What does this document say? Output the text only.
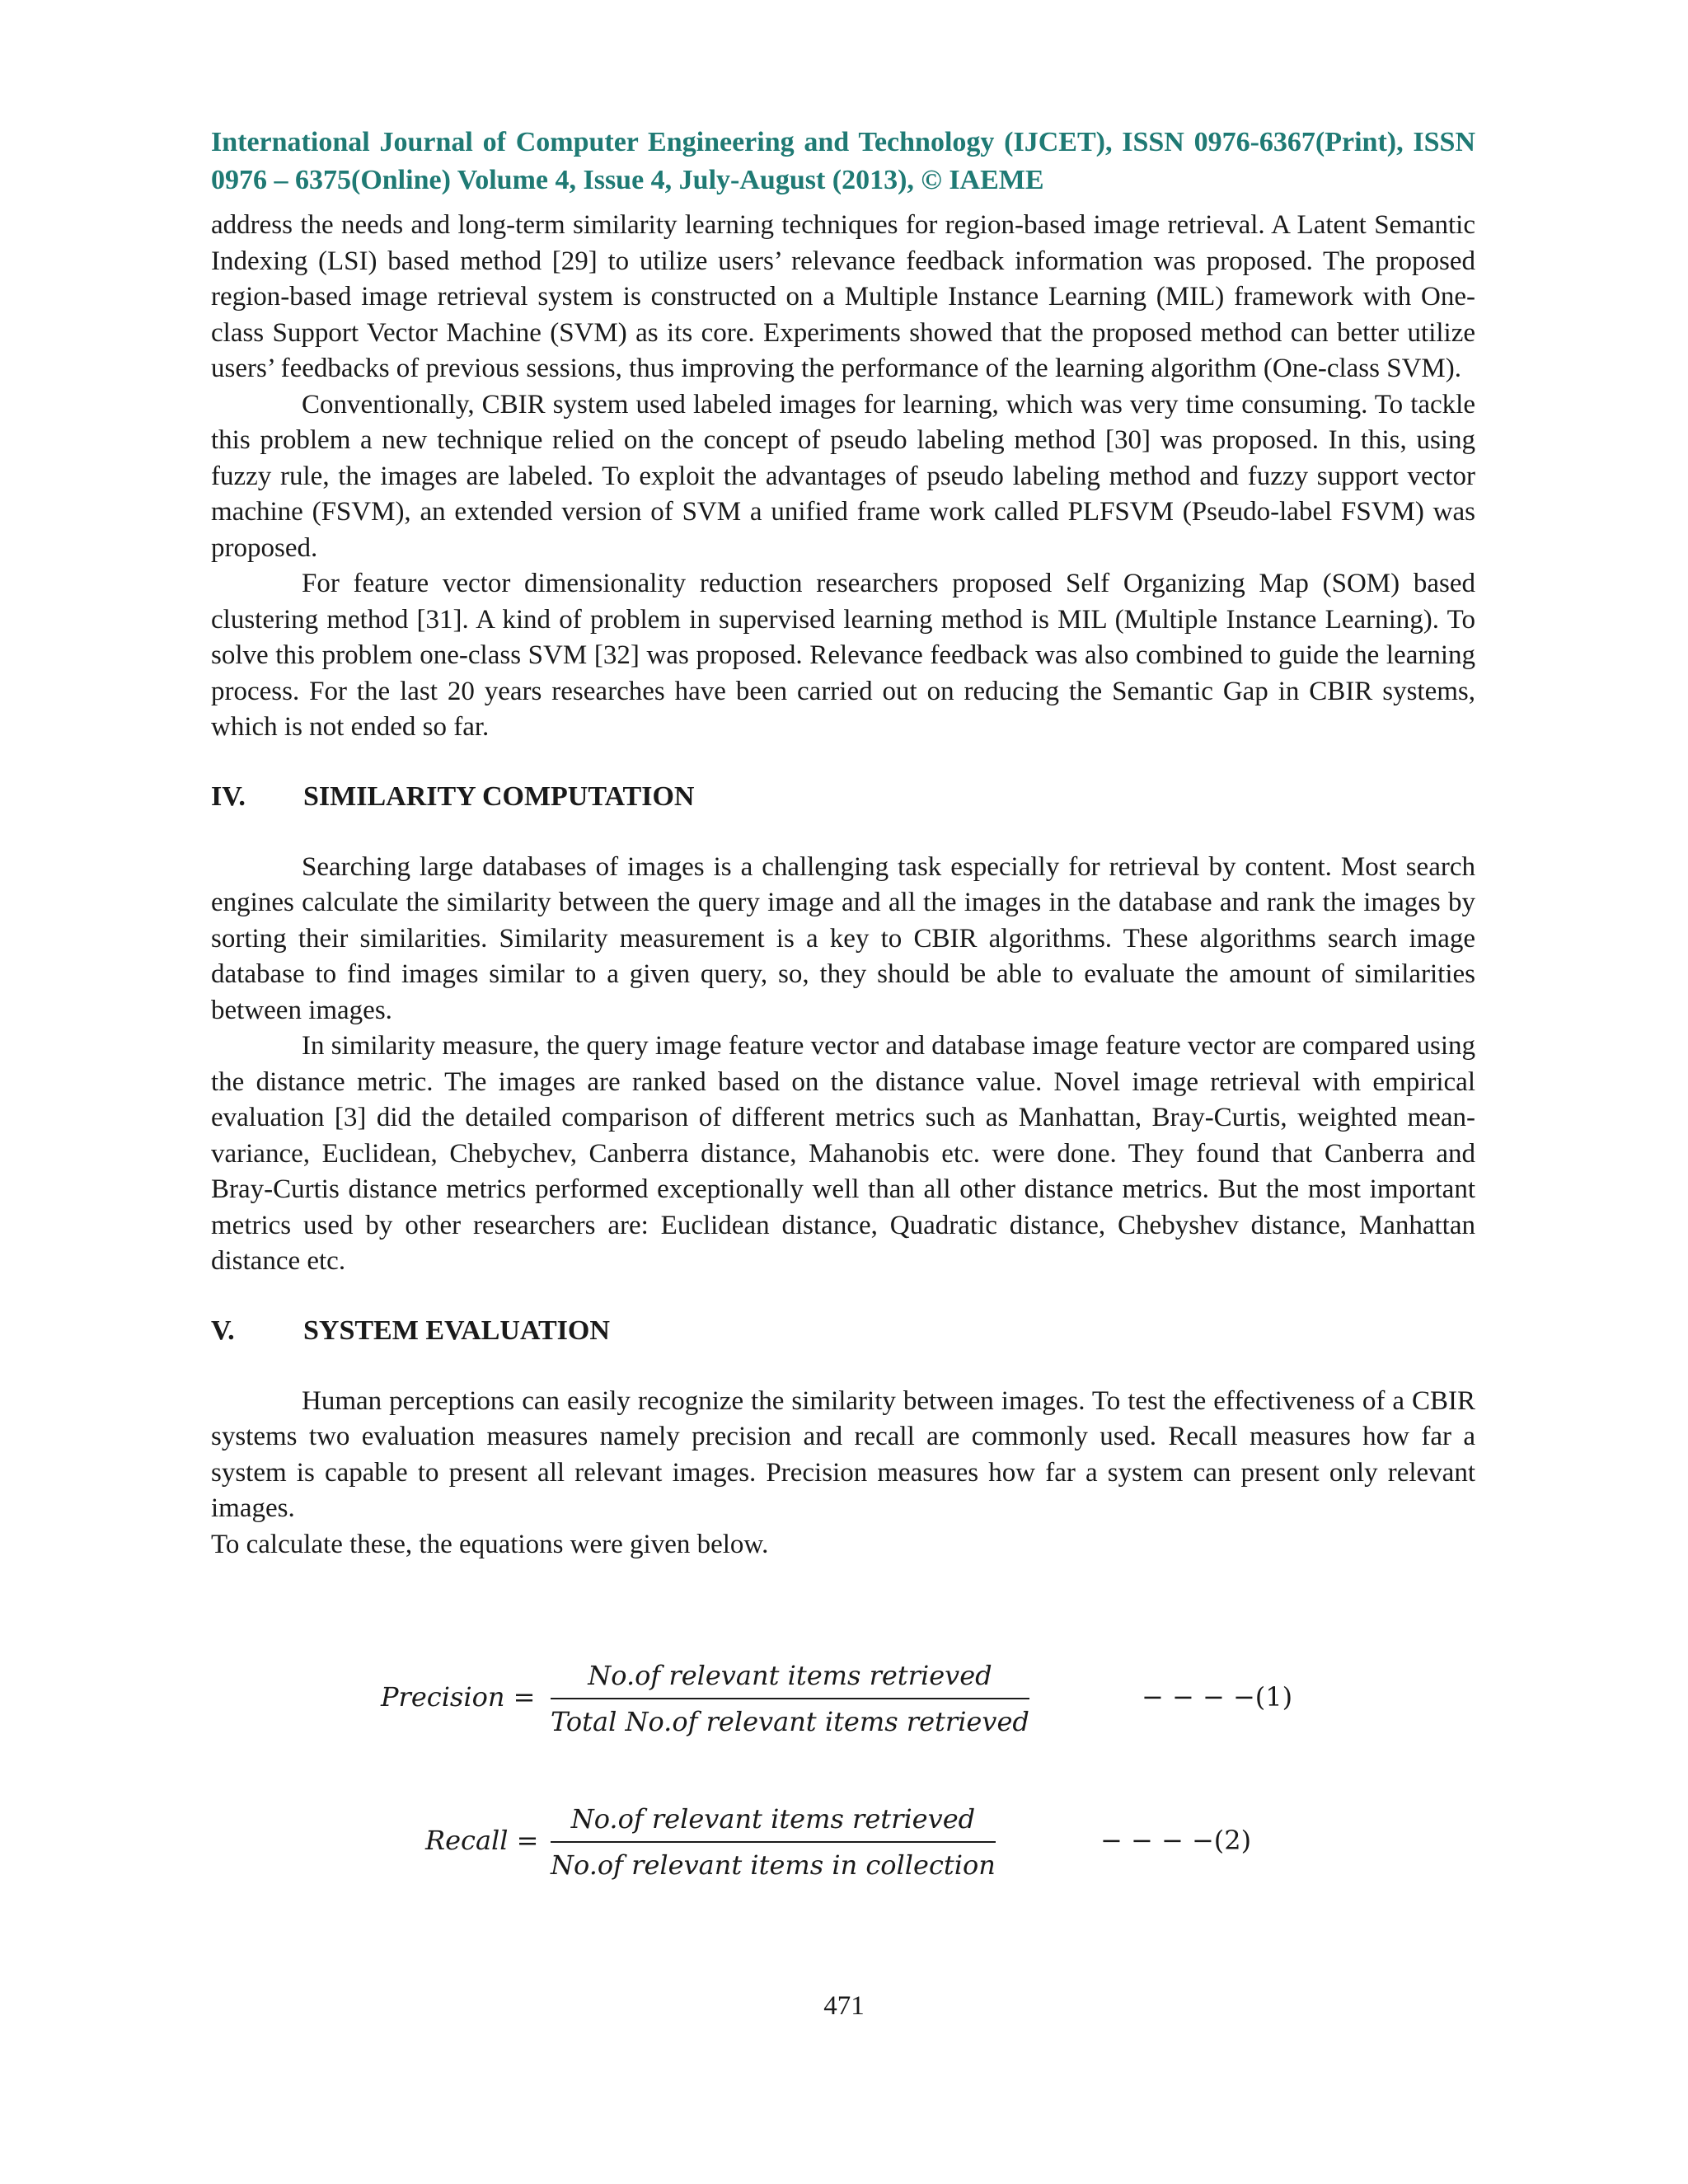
International Journal of Computer Engineering and Technology (IJCET), ISSN 0976-6367(Print), ISSN 0976 – 6375(Online) Volume 4, Issue 4, July-August (2013), © IAEME

address the needs and long-term similarity learning techniques for region-based image retrieval. A Latent Semantic Indexing (LSI) based method [29] to utilize users’ relevance feedback information was proposed. The proposed region-based image retrieval system is constructed on a Multiple Instance Learning (MIL) framework with One-class Support Vector Machine (SVM) as its core. Experiments showed that the proposed method can better utilize users’ feedbacks of previous sessions, thus improving the performance of the learning algorithm (One-class SVM).

Conventionally, CBIR system used labeled images for learning, which was very time consuming. To tackle this problem a new technique relied on the concept of pseudo labeling method [30] was proposed. In this, using fuzzy rule, the images are labeled. To exploit the advantages of pseudo labeling method and fuzzy support vector machine (FSVM), an extended version of SVM a unified frame work called PLFSVM (Pseudo-label FSVM) was proposed.

For feature vector dimensionality reduction researchers proposed Self Organizing Map (SOM) based clustering method [31]. A kind of problem in supervised learning method is MIL (Multiple Instance Learning). To solve this problem one-class SVM [32] was proposed. Relevance feedback was also combined to guide the learning process. For the last 20 years researches have been carried out on reducing the Semantic Gap in CBIR systems, which is not ended so far.

IV.	SIMILARITY COMPUTATION

Searching large databases of images is a challenging task especially for retrieval by content. Most search engines calculate the similarity between the query image and all the images in the database and rank the images by sorting their similarities. Similarity measurement is a key to CBIR algorithms. These algorithms search image database to find images similar to a given query, so, they should be able to evaluate the amount of similarities between images.

In similarity measure, the query image feature vector and database image feature vector are compared using the distance metric. The images are ranked based on the distance value. Novel image retrieval with empirical evaluation [3] did the detailed comparison of different metrics such as Manhattan, Bray-Curtis, weighted mean-variance, Euclidean, Chebychev, Canberra distance, Mahanobis etc. were done. They found that Canberra and Bray-Curtis distance metrics performed exceptionally well than all other distance metrics. But the most important metrics used by other researchers are: Euclidean distance, Quadratic distance, Chebyshev distance, Manhattan distance etc.

V.	SYSTEM EVALUATION

Human perceptions can easily recognize the similarity between images. To test the effectiveness of a CBIR systems two evaluation measures namely precision and recall are commonly used. Recall measures how far a system is capable to present all relevant images. Precision measures how far a system can present only relevant images.

To calculate these, the equations were given below.

Precision =
No.of relevant items retrieved
Total No.of relevant items retrieved
− − − −(1)
Recall =
No.of relevant items retrieved
No.of relevant items in collection
− − − −(2)
471
